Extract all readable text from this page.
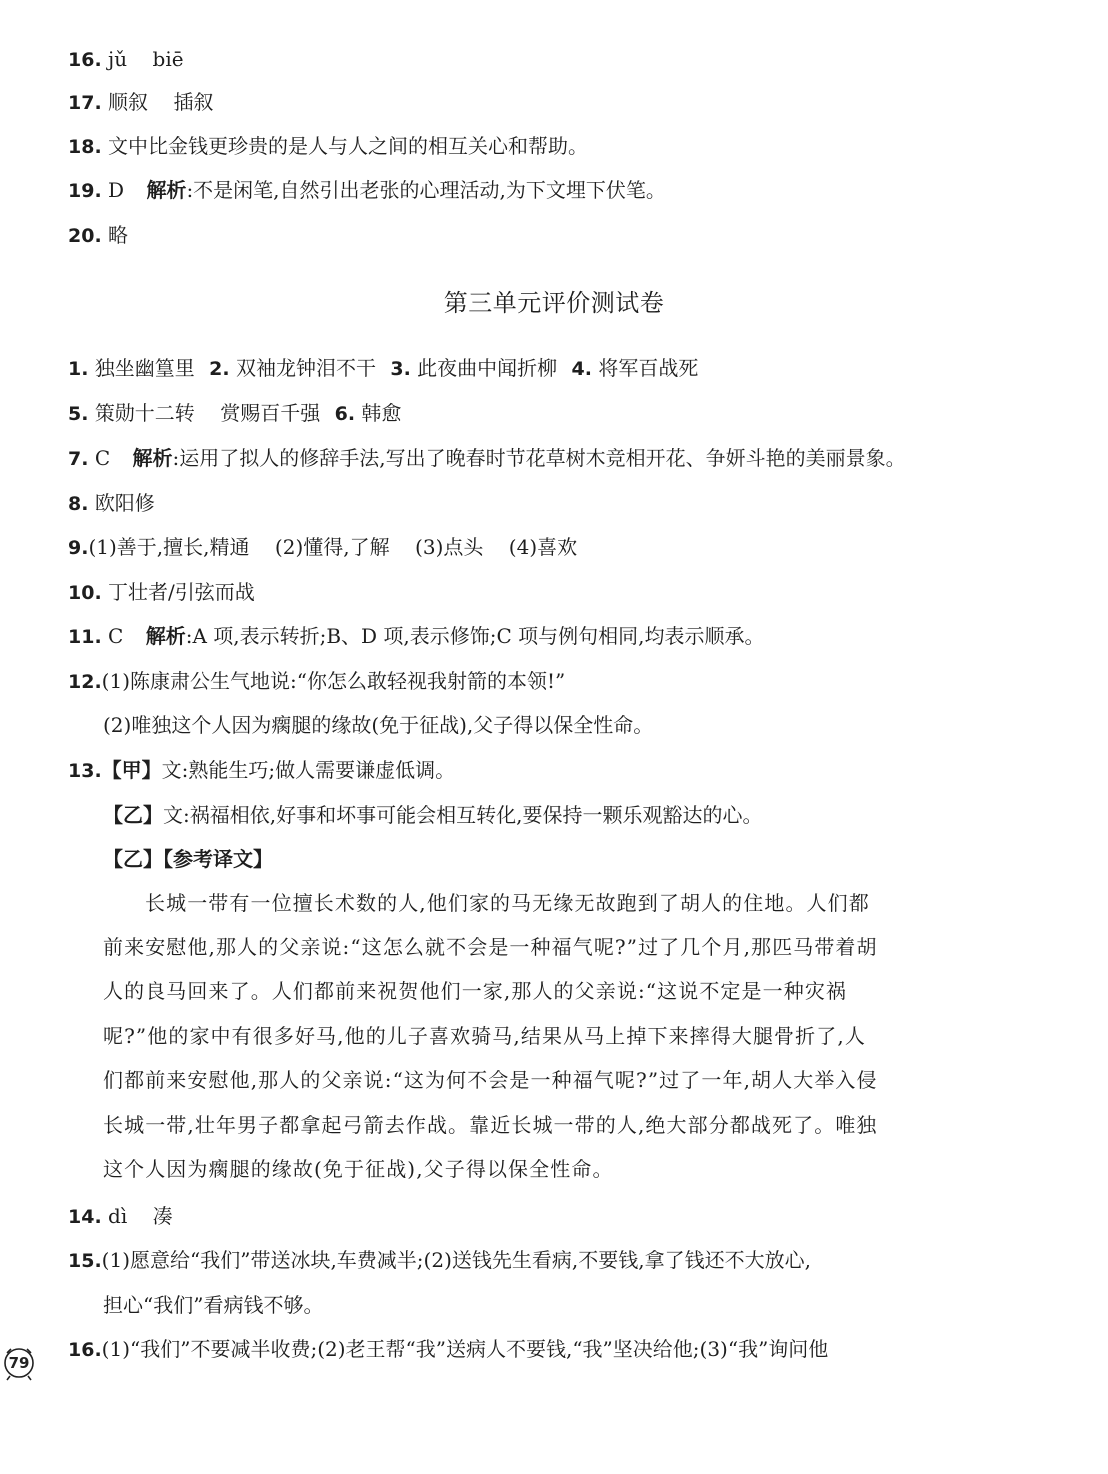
16. jǔ    biē
17. 顺叙    插叙
18. 文中比金钱更珍贵的是人与人之间的相互关心和帮助。
19. D 解析:不是闲笔,自然引出老张的心理活动,为下文埋下伏笔。
20. 略
第三单元评价测试卷
1. 独坐幽篁里 2. 双袖龙钟泪不干 3. 此夜曲中闻折柳 4. 将军百战死
5. 策勋十二转    赏赐百千强 6. 韩愈
7. C 解析:运用了拟人的修辞手法,写出了晚春时节花草树木竞相开花、争妍斗艳的美丽景象。
8. 欧阳修
9.(1)善于,擅长,精通    (2)懂得,了解    (3)点头    (4)喜欢
10. 丁壮者/引弦而战
11. C 解析:A 项,表示转折;B、D 项,表示修饰;C 项与例句相同,均表示顺承。
12.(1)陈康肃公生气地说:“你怎么敢轻视我射箭的本领!”
(2)唯独这个人因为瘸腿的缘故(免于征战),父子得以保全性命。
13.【甲】文:熟能生巧;做人需要谦虚低调。
【乙】文:祸福相依,好事和坏事可能会相互转化,要保持一颗乐观豁达的心。
【乙】【参考译文】
长城一带有一位擅长术数的人,他们家的马无缘无故跑到了胡人的住地。人们都
前来安慰他,那人的父亲说:“这怎么就不会是一种福气呢?”过了几个月,那匹马带着胡
人的良马回来了。人们都前来祝贺他们一家,那人的父亲说:“这说不定是一种灾祸
呢?”他的家中有很多好马,他的儿子喜欢骑马,结果从马上掉下来摔得大腿骨折了,人
们都前来安慰他,那人的父亲说:“这为何不会是一种福气呢?”过了一年,胡人大举入侵
长城一带,壮年男子都拿起弓箭去作战。靠近长城一带的人,绝大部分都战死了。唯独
这个人因为瘸腿的缘故(免于征战),父子得以保全性命。
14. dì    凑
15.(1)愿意给“我们”带送冰块,车费减半;(2)送钱先生看病,不要钱,拿了钱还不大放心,
担心“我们”看病钱不够。
16.(1)“我们”不要减半收费;(2)老王帮“我”送病人不要钱,“我”坚决给他;(3)“我”询问他
79
